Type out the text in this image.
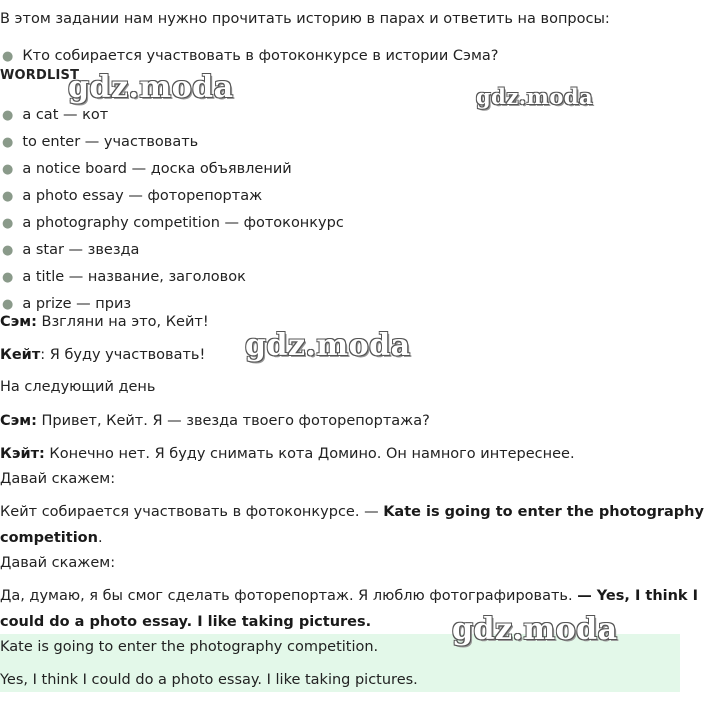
В этом задании нам нужно прочитать историю в парах и ответить на вопросы:
● Кто собирается участвовать в фотоконкурсе в истории Сэма?
WORDLIST
● a cat — кот
● to enter — участвовать
● a notice board — доска объявлений
● a photo essay — фоторепортаж
● a photography competition — фотоконкурс
● a star — звезда
● a title — название, заголовок
● a prize — приз
Сэм: Взгляни на это, Кейт!
Кейт: Я буду участвовать!
На следующий день
Сэм: Привет, Кейт. Я — звезда твоего фоторепортажа?
Кэйт: Конечно нет. Я буду снимать кота Домино. Он намного интереснее.
Давай скажем:
Кейт собирается участвовать в фотоконкурсе. — Kate is going to enter the photography
competition.
Давай скажем:
Да, думаю, я бы смог сделать фоторепортаж. Я люблю фотографировать. — Yes, I think I
could do a photo essay. I like taking pictures.
Kate is going to enter the photography competition.
Yes, I think I could do a photo essay. I like taking pictures.
gdz.moda	gdz.moda
gdz.moda
gdz.moda
